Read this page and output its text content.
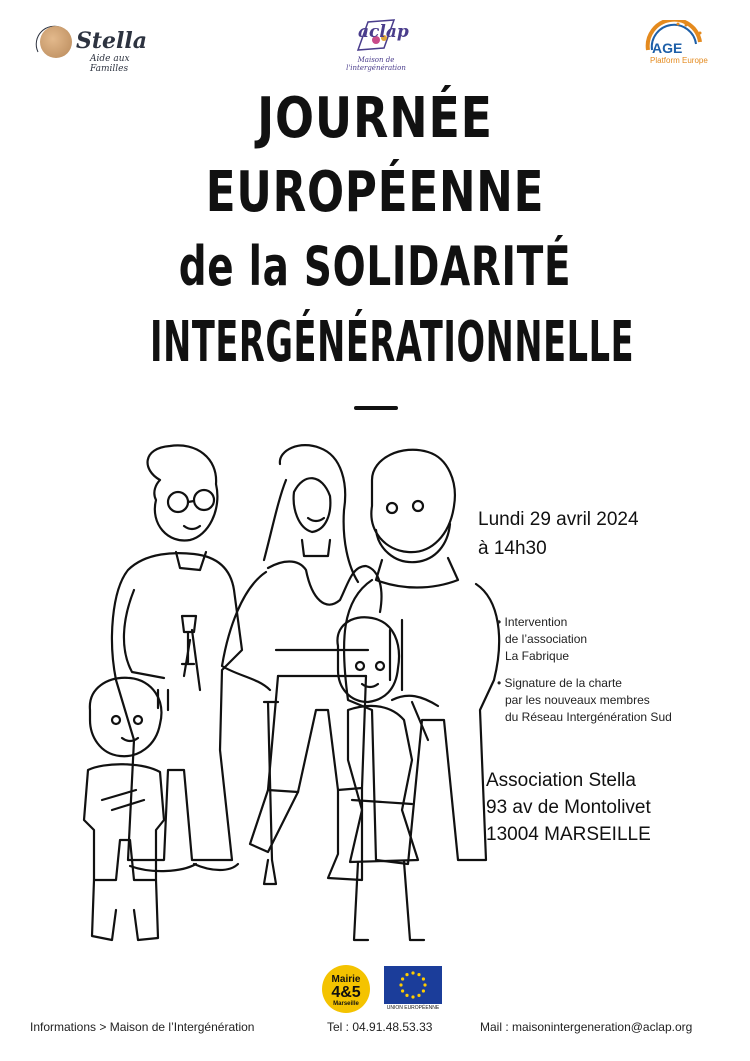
Stella
Aide aux Familles
aclap
Maison de l'intergénération
AGE
Platform Europe
JOURNÉE
EUROPÉENNE
de la SOLIDARITÉ
INTERGÉNÉRATIONNELLE
Lundi 29 avril 2024
à 14h30
• Intervention
de l’association
La Fabrique
• Signature de la charte
par les nouveaux membres
du Réseau Intergénération Sud
Association Stella
93 av de Montolivet
13004 MARSEILLE
Mairie
4&5
Marseille
UNION EUROPÉENNE
Informations > Maison de l’Intergénération	Tel : 04.91.48.53.33	Mail : maisonintergeneration@aclap.org
